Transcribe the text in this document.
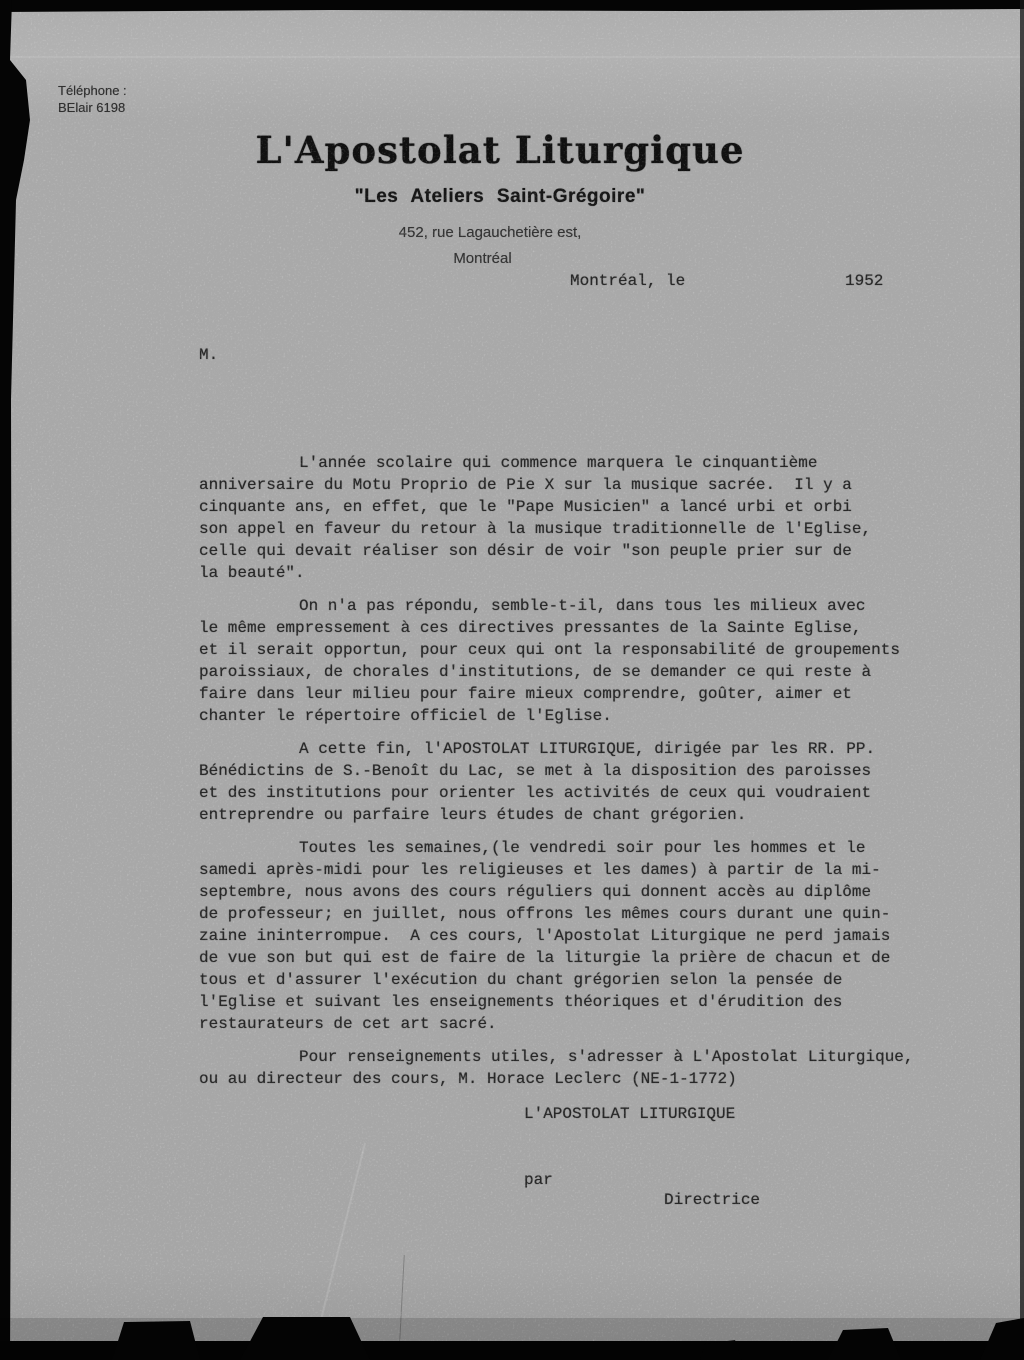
Téléphone :
BElair 6198
L'Apostolat Liturgique
"Les Ateliers Saint-Grégoire"
452, rue Lagauchetière est,
Montréal
Montréal, le	1952
M.
L'année scolaire qui commence marquera le cinquantième
anniversaire du Motu Proprio de Pie X sur la musique sacrée.  Il y a
cinquante ans, en effet, que le "Pape Musicien" a lancé urbi et orbi
son appel en faveur du retour à la musique traditionnelle de l'Eglise,
celle qui devait réaliser son désir de voir "son peuple prier sur de
la beauté".
On n'a pas répondu, semble-t-il, dans tous les milieux avec
le même empressement à ces directives pressantes de la Sainte Eglise,
et il serait opportun, pour ceux qui ont la responsabilité de groupements
paroissiaux, de chorales d'institutions, de se demander ce qui reste à
faire dans leur milieu pour faire mieux comprendre, goûter, aimer et
chanter le répertoire officiel de l'Eglise.
A cette fin, l'APOSTOLAT LITURGIQUE, dirigée par les RR. PP.
Bénédictins de S.-Benoît du Lac, se met à la disposition des paroisses
et des institutions pour orienter les activités de ceux qui voudraient
entreprendre ou parfaire leurs études de chant grégorien.
Toutes les semaines,(le vendredi soir pour les hommes et le
samedi après-midi pour les religieuses et les dames) à partir de la mi-
septembre, nous avons des cours réguliers qui donnent accès au diplôme
de professeur; en juillet, nous offrons les mêmes cours durant une quin-
zaine ininterrompue.  A ces cours, l'Apostolat Liturgique ne perd jamais
de vue son but qui est de faire de la liturgie la prière de chacun et de
tous et d'assurer l'exécution du chant grégorien selon la pensée de
l'Eglise et suivant les enseignements théoriques et d'érudition des
restaurateurs de cet art sacré.
Pour renseignements utiles, s'adresser à L'Apostolat Liturgique,
ou au directeur des cours, M. Horace Leclerc (NE-1-1772)
L'APOSTOLAT LITURGIQUE
par
Directrice
